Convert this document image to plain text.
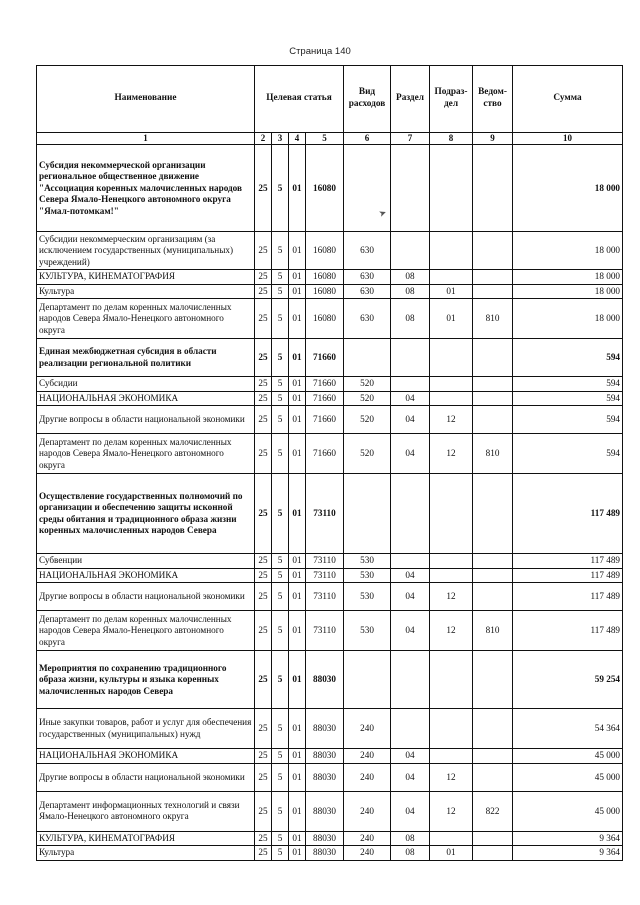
Страница 140
➤
Наименование	Целевая статья				Вид расходов	Раздел	Подраз-дел	Ведом-ство	Сумма
1	2	3	4	5	6	7	8	9	10
Субсидия некоммерческой организации региональное общественное движение "Ассоциация коренных малочисленных народов Севера Ямало-Ненецкого автономного округа "Ямал-потомкам!"	25	5	01	16080					18 000
Субсидии некоммерческим организациям (за исключением государственных (муниципальных) учреждений)	25	5	01	16080	630				18 000
КУЛЬТУРА, КИНЕМАТОГРАФИЯ	25	5	01	16080	630	08			18 000
Культура	25	5	01	16080	630	08	01		18 000
Департамент по делам коренных малочисленных народов Севера Ямало-Ненецкого автономного округа	25	5	01	16080	630	08	01	810	18 000
Единая межбюджетная субсидия в области реализации региональной политики	25	5	01	71660					594
Субсидии	25	5	01	71660	520				594
НАЦИОНАЛЬНАЯ ЭКОНОМИКА	25	5	01	71660	520	04			594
Другие вопросы в области национальной экономики	25	5	01	71660	520	04	12		594
Департамент по делам коренных малочисленных народов Севера Ямало-Ненецкого автономного округа	25	5	01	71660	520	04	12	810	594
Осуществление государственных полномочий по организации и обеспечению защиты исконной среды обитания и традиционного образа жизни коренных малочисленных народов Севера	25	5	01	73110					117 489
Субвенции	25	5	01	73110	530				117 489
НАЦИОНАЛЬНАЯ ЭКОНОМИКА	25	5	01	73110	530	04			117 489
Другие вопросы в области национальной экономики	25	5	01	73110	530	04	12		117 489
Департамент по делам коренных малочисленных народов Севера Ямало-Ненецкого автономного округа	25	5	01	73110	530	04	12	810	117 489
Мероприятия по сохранению традиционного образа жизни, культуры и языка коренных малочисленных народов Севера	25	5	01	88030					59 254
Иные закупки товаров, работ и услуг для обеспечения государственных (муниципальных) нужд	25	5	01	88030	240				54 364
НАЦИОНАЛЬНАЯ ЭКОНОМИКА	25	5	01	88030	240	04			45 000
Другие вопросы в области национальной экономики	25	5	01	88030	240	04	12		45 000
Департамент информационных технологий и связи Ямало-Ненецкого автономного округа	25	5	01	88030	240	04	12	822	45 000
КУЛЬТУРА, КИНЕМАТОГРАФИЯ	25	5	01	88030	240	08			9 364
Культура	25	5	01	88030	240	08	01		9 364
